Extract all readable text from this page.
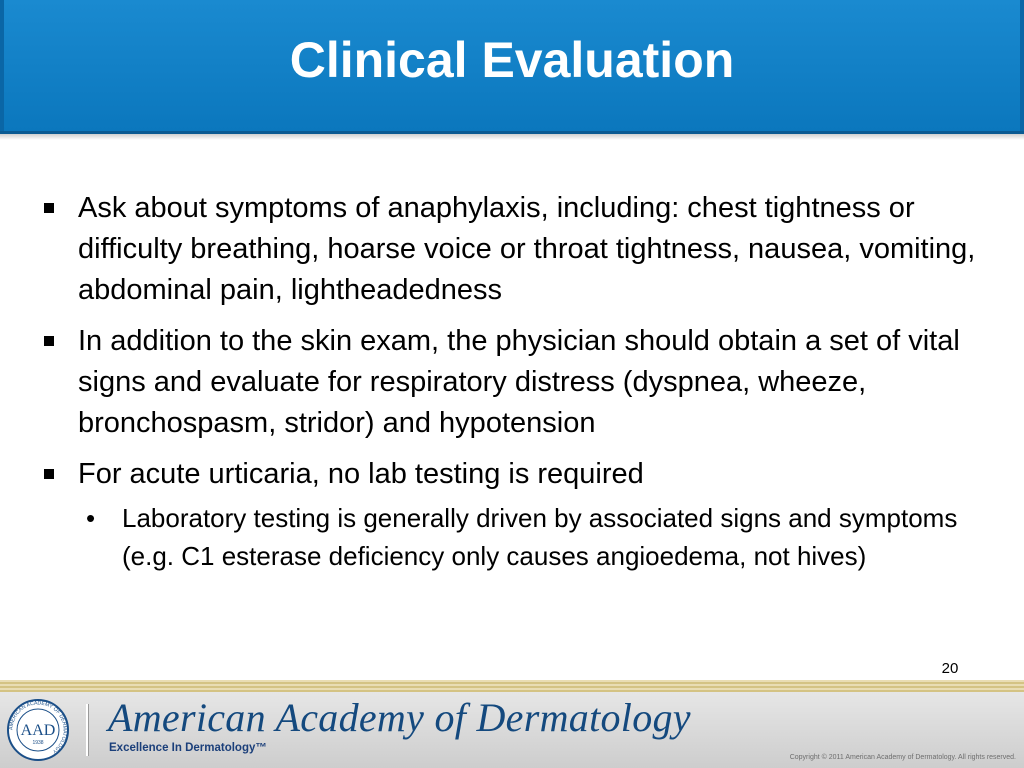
Clinical Evaluation
Ask about symptoms of anaphylaxis, including: chest tightness or difficulty breathing, hoarse voice or throat tightness, nausea, vomiting, abdominal pain, lightheadedness
In addition to the skin exam, the physician should obtain a set of vital signs and evaluate for respiratory distress (dyspnea, wheeze, bronchospasm, stridor) and hypotension
For acute urticaria, no lab testing is required
• Laboratory testing is generally driven by associated signs and symptoms (e.g. C1 esterase deficiency only causes angioedema, not hives)
20
AMERICAN ACADEMY OF DERMATOLOGY
AAD
1938
American Academy of Dermatology
Excellence In Dermatology™
Copyright © 2011 American Academy of Dermatology. All rights reserved.
